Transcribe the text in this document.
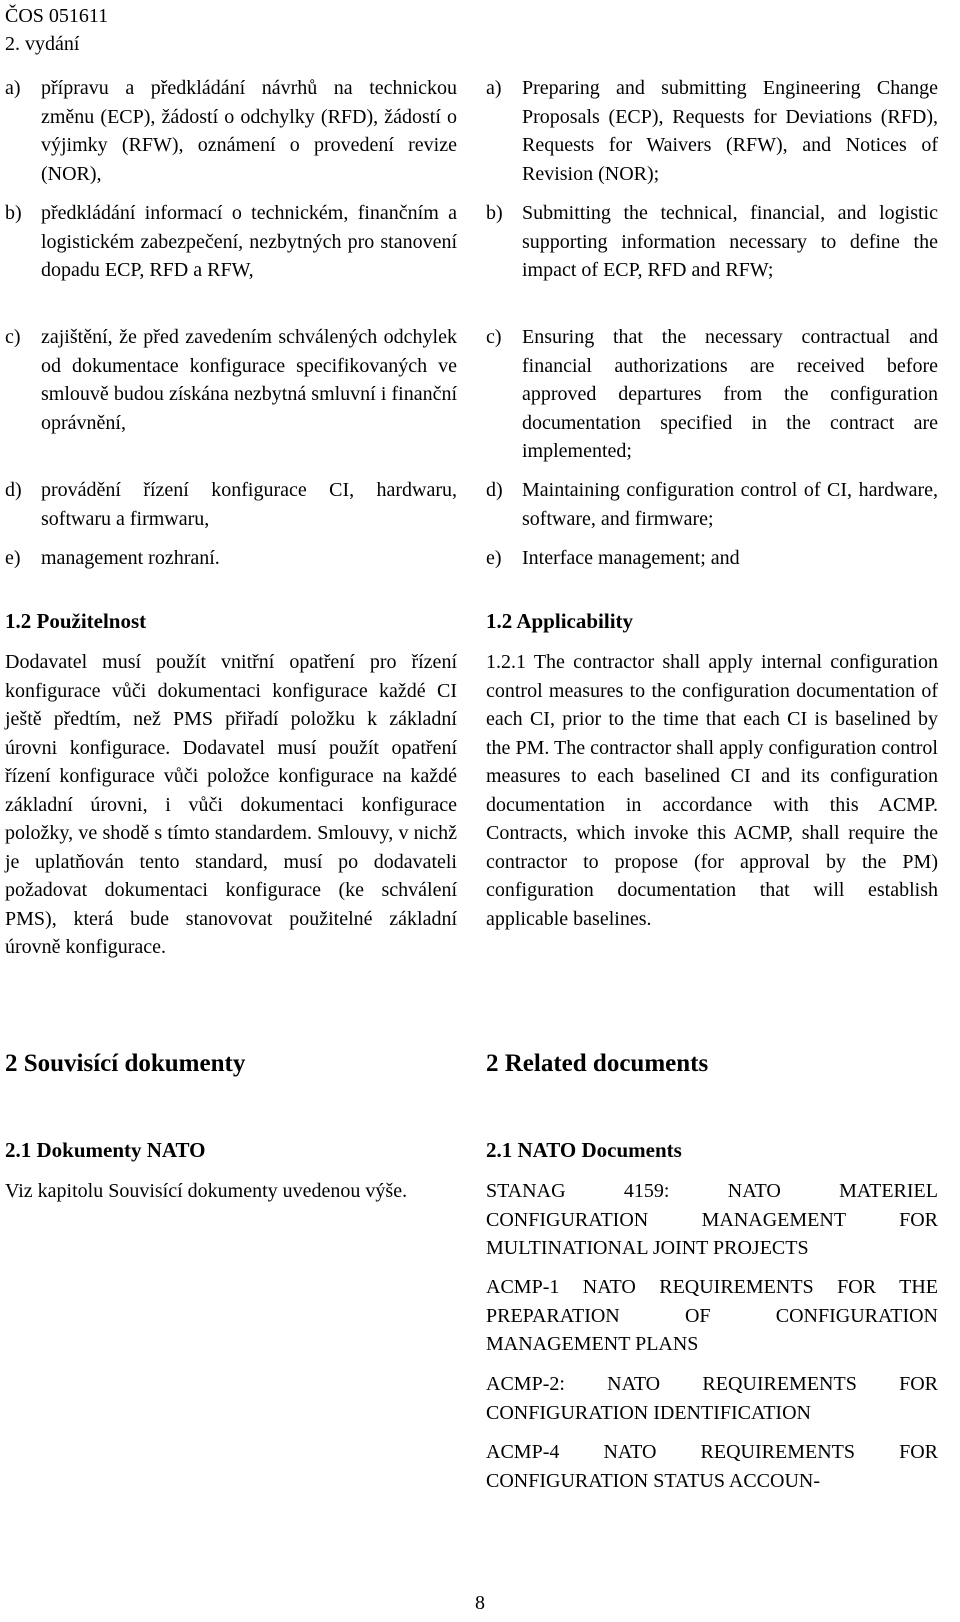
ČOS 051611
2. vydání
a)	přípravu a předkládání návrhů na technickou změnu (ECP), žádostí o odchylky (RFD), žádostí o výjimky (RFW), oznámení o provedení revize (NOR),
b) předkládání informací o technickém, finančním a logistickém zabezpečení, nezbytných pro stanovení dopadu ECP, RFD a RFW,
c)	zajištění, že před zavedením schválených odchylek od dokumentace konfigurace specifikovaných ve smlouvě budou získána nezbytná smluvní i finanční oprávnění,
d) provádění řízení konfigurace CI, hardwaru, softwaru a firmwaru,
e)	management rozhraní.

1.2 Použitelnost

Dodavatel musí použít vnitřní opatření pro řízení konfigurace vůči dokumentaci konfigurace každé CI ještě předtím, než PMS přiřadí položku k základní úrovni konfigurace. Dodavatel musí použít opatření řízení konfigurace vůči položce konfigurace na každé základní úrovni, i vůči dokumentaci konfigurace položky, ve shodě s tímto standardem. Smlouvy, v nichž je uplatňován tento standard, musí po dodavateli požadovat dokumentaci konfigurace (ke schválení PMS), která bude stanovovat použitelné základní úrovně konfigurace.

2 Souvisící dokumenty

2.1 Dokumenty NATO

Viz kapitolu Souvisící dokumenty uvedenou výše.

a)	Preparing and submitting Engineering Change Proposals (ECP), Requests for Deviations (RFD), Requests for Waivers (RFW), and Notices of Revision (NOR);
b) Submitting the technical, financial, and logistic supporting information necessary to define the impact of ECP, RFD and RFW;
c)	Ensuring that the necessary contractual and financial authorizations are received before approved departures from the configuration documentation specified in the contract are implemented;
d) Maintaining configuration control of CI, hardware, software, and firmware;
e)	Interface management; and

1.2 Applicability

1.2.1 The contractor shall apply internal configuration control measures to the configuration documentation of each CI, prior to the time that each CI is baselined by the PM. The contractor shall apply configuration control measures to each baselined CI and its configuration documentation in accordance with this ACMP. Contracts, which invoke this ACMP, shall require the contractor to propose (for approval by the PM) configuration documentation that will establish applicable baselines.

2 Related documents

2.1 NATO Documents

STANAG 4159: NATO MATERIEL CONFIGURATION MANAGEMENT FOR MULTINATIONAL JOINT PROJECTS

ACMP-1 NATO REQUIREMENTS FOR THE PREPARATION OF CONFIGURATION MANAGEMENT PLANS

ACMP-2: NATO REQUIREMENTS FOR CONFIGURATION IDENTIFICATION

ACMP-4 NATO REQUIREMENTS FOR CONFIGURATION STATUS ACCOUN-

8
